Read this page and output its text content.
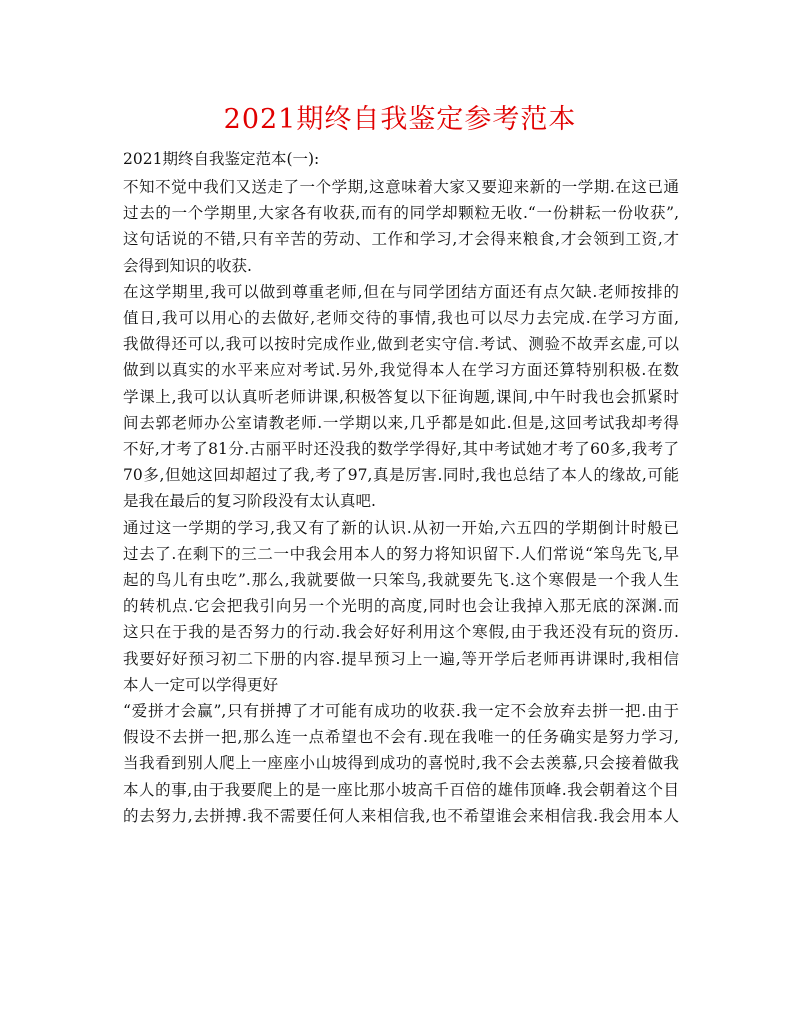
2021期终自我鉴定参考范本
2021期终自我鉴定范本(一):
不知不觉中我们又送走了一个学期,这意味着大家又要迎来新的一学期.在这已通
过去的一个学期里,大家各有收获,而有的同学却颗粒无收.“一份耕耘一份收获”,
这句话说的不错,只有辛苦的劳动、工作和学习,才会得来粮食,才会领到工资,才
会得到知识的收获.
在这学期里,我可以做到尊重老师,但在与同学团结方面还有点欠缺.老师按排的
值日,我可以用心的去做好,老师交待的事情,我也可以尽力去完成.在学习方面,
我做得还可以,我可以按时完成作业,做到老实守信.考试、测验不故弄玄虚,可以
做到以真实的水平来应对考试.另外,我觉得本人在学习方面还算特别积极.在数
学课上,我可以认真听老师讲课,积极答复以下征询题,课间,中午时我也会抓紧时
间去郭老师办公室请教老师.一学期以来,几乎都是如此.但是,这回考试我却考得
不好,才考了81分.古丽平时还没我的数学学得好,其中考试她才考了60多,我考了
70多,但她这回却超过了我,考了97,真是厉害.同时,我也总结了本人的缘故,可能
是我在最后的复习阶段没有太认真吧.
通过这一学期的学习,我又有了新的认识.从初一开始,六五四的学期倒计时般已
过去了.在剩下的三二一中我会用本人的努力将知识留下.人们常说“笨鸟先飞,早
起的鸟儿有虫吃”.那么,我就要做一只笨鸟,我就要先飞.这个寒假是一个我人生
的转机点.它会把我引向另一个光明的高度,同时也会让我掉入那无底的深渊.而
这只在于我的是否努力的行动.我会好好利用这个寒假,由于我还没有玩的资历.
我要好好预习初二下册的内容.提早预习上一遍,等开学后老师再讲课时,我相信
本人一定可以学得更好
“爱拼才会赢”,只有拼搏了才可能有成功的收获.我一定不会放弃去拼一把.由于
假设不去拼一把,那么连一点希望也不会有.现在我唯一的任务确实是努力学习,
当我看到别人爬上一座座小山坡得到成功的喜悦时,我不会去羡慕,只会接着做我
本人的事,由于我要爬上的是一座比那小坡高千百倍的雄伟顶峰.我会朝着这个目
的去努力,去拼搏.我不需要任何人来相信我,也不希望谁会来相信我.我会用本人
